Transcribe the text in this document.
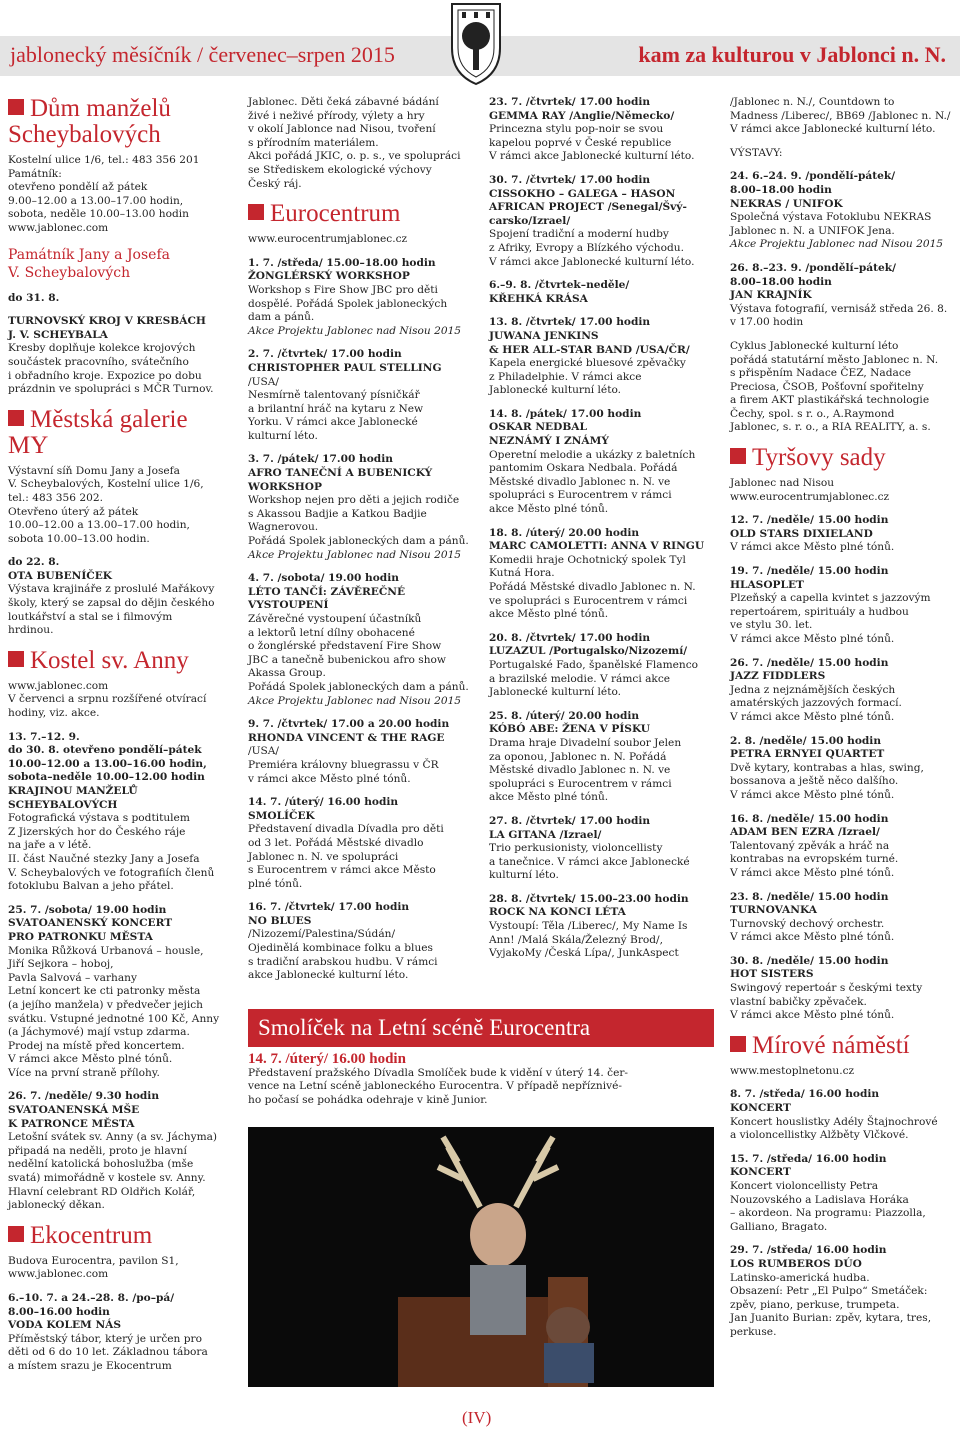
jablonecký měsíčník / červenec–srpen 2015	kam za kulturou v Jablonci n. N.
Dům manželů Scheybalových
Kostelní ulice 1/6, tel.: 483 356 201
Památník:
otevřeno pondělí až pátek
9.00–12.00 a 13.00–17.00 hodin,
sobota, neděle 10.00–13.00 hodin
www.jablonec.com
Památník Jany a Josefa
V. Scheybalových
do 31. 8.
TURNOVSKÝ KROJ V KRESBÁCH
J. V. SCHEYBALA
Kresby doplňuje kolekce krojových
součástek pracovního, svátečního
i obřadního kroje. Expozice po dobu
prázdnin ve spolupráci s MČR Turnov.
Městská galerie MY
Výstavní síň Domu Jany a Josefa
V. Scheybalových, Kostelní ulice 1/6,
tel.: 483 356 202.
Otevřeno úterý až pátek
10.00–12.00 a 13.00–17.00 hodin,
sobota 10.00–13.00 hodin.
do 22. 8.
OTA BUBENÍČEK
Výstava krajináře z proslulé Mařákovy
školy, který se zapsal do dějin českého
loutkářství a stal se i filmovým
hrdinou.
Kostel sv. Anny
www.jablonec.com
V červenci a srpnu rozšířené otvírací
hodiny, viz. akce.
13. 7.–12. 9.
do 30. 8. otevřeno pondělí–pátek
10.00–12.00 a 13.00–16.00 hodin,
sobota–neděle 10.00–12.00 hodin
KRAJINOU MANŽELŮ
SCHEYBALOVÝCH
Fotografická výstava s podtitulem
Z Jizerských hor do Českého ráje
na jaře a v létě.
II. část Naučné stezky Jany a Josefa
V. Scheybalových ve fotografiích členů
fotoklubu Balvan a jeho přátel.
25. 7. /sobota/ 19.00 hodin
SVATOANENSKÝ KONCERT
PRO PATRONKU MĚSTA
Monika Růžková Urbanová – housle,
Jiří Sejkora – hoboj,
Pavla Salvová – varhany
Letní koncert ke cti patronky města
(a jejího manžela) v předvečer jejich
svátku. Vstupné jednotné 100 Kč, Anny
(a Jáchymové) mají vstup zdarma.
Prodej na místě před koncertem.
V rámci akce Město plné tónů.
Více na první straně přílohy.
26. 7. /neděle/ 9.30 hodin
SVATOANENSKÁ MŠE
K PATRONCE MĚSTA
Letošní svátek sv. Anny (a sv. Jáchyma)
připadá na neděli, proto je hlavní
nedělní katolická bohoslužba (mše
svatá) mimořádně v kostele sv. Anny.
Hlavní celebrant RD Oldřich Kolář,
jablonecký děkan.
Ekocentrum
Budova Eurocentra, pavilon S1,
www.jablonec.com
6.–10. 7. a 24.–28. 8. /po–pá/
8.00–16.00 hodin
VODA KOLEM NÁS
Příměstský tábor, který je určen pro
děti od 6 do 10 let. Základnou tábora
a místem srazu je Ekocentrum
Jablonec. Děti čeká zábavné bádání
živé i neživé přírody, výlety a hry
v okolí Jablonce nad Nisou, tvoření
s přírodním materiálem.
Akci pořádá JKIC, o. p. s., ve spolupráci
se Střediskem ekologické výchovy
Český ráj.
Eurocentrum
www.eurocentrumjablonec.cz
1. 7. /středa/ 15.00–18.00 hodin
ŽONGLÉRSKÝ WORKSHOP
Workshop s Fire Show JBC pro děti
dospělé. Pořádá Spolek jabloneckých
dam a pánů.
Akce Projektu Jablonec nad Nisou 2015
2. 7. /čtvrtek/ 17.00 hodin
CHRISTOPHER PAUL STELLING
/USA/
Nesmírně talentovaný písničkář
a brilantní hráč na kytaru z New
Yorku. V rámci akce Jablonecké
kulturní léto.
3. 7. /pátek/ 17.00 hodin
AFRO TANEČNÍ A BUBENICKÝ
WORKSHOP
Workshop nejen pro děti a jejich rodiče
s Akassou Badjie a Katkou Badjie
Wagnerovou.
Pořádá Spolek jabloneckých dam a pánů.
Akce Projektu Jablonec nad Nisou 2015
4. 7. /sobota/ 19.00 hodin
LÉTO TANČÍ: ZÁVĚREČNÉ
VYSTOUPENÍ
Závěrečné vystoupení účastníků
a lektorů letní dílny obohacené
o žonglérské představení Fire Show
JBC a tanečně bubenickou afro show
Akassa Group.
Pořádá Spolek jabloneckých dam a pánů.
Akce Projektu Jablonec nad Nisou 2015
9. 7. /čtvrtek/ 17.00 a 20.00 hodin
RHONDA VINCENT & THE RAGE
/USA/
Premiéra královny bluegrassu v ČR
v rámci akce Město plné tónů.
14. 7. /úterý/ 16.00 hodin
SMOLÍČEK
Představení divadla Dívadla pro děti
od 3 let. Pořádá Městské divadlo
Jablonec n. N. ve spolupráci
s Eurocentrem v rámci akce Město
plné tónů.
16. 7. /čtvrtek/ 17.00 hodin
NO BLUES
/Nizozemí/Palestina/Súdán/
Ojedinělá kombinace folku a blues
s tradiční arabskou hudbu. V rámci
akce Jablonecké kulturní léto.
23. 7. /čtvrtek/ 17.00 hodin
GEMMA RAY /Anglie/Německo/
Princezna stylu pop-noir se svou
kapelou poprvé v České republice
V rámci akce Jablonecké kulturní léto.
30. 7. /čtvrtek/ 17.00 hodin
CISSOKHO – GALEGA – HASON
AFRICAN PROJECT /Senegal/Švý-
carsko/Izrael/
Spojení tradiční a moderní hudby
z Afriky, Evropy a Blízkého východu.
V rámci akce Jablonecké kulturní léto.
6.–9. 8. /čtvrtek–neděle/
KŘEHKÁ KRÁSA
13. 8. /čtvrtek/ 17.00 hodin
JUWANA JENKINS
& HER ALL-STAR BAND /USA/ČR/
Kapela energické bluesové zpěvačky
z Philadelphie. V rámci akce
Jablonecké kulturní léto.
14. 8. /pátek/ 17.00 hodin
OSKAR NEDBAL
NEZNÁMÝ I ZNÁMÝ
Operetní melodie a ukázky z baletních
pantomim Oskara Nedbala. Pořádá
Městské divadlo Jablonec n. N. ve
spolupráci s Eurocentrem v rámci
akce Město plné tónů.
18. 8. /úterý/ 20.00 hodin
MARC CAMOLETTI: ANNA V RINGU
Komedii hraje Ochotnický spolek Tyl
Kutná Hora.
Pořádá Městské divadlo Jablonec n. N.
ve spolupráci s Eurocentrem v rámci
akce Město plné tónů.
20. 8. /čtvrtek/ 17.00 hodin
LUZAZUL /Portugalsko/Nizozemí/
Portugalské Fado, španělské Flamenco
a brazilské melodie. V rámci akce
Jablonecké kulturní léto.
25. 8. /úterý/ 20.00 hodin
KÓBÓ ABE: ŽENA V PÍSKU
Drama hraje Divadelní soubor Jelen
za oponou, Jablonec n. N. Pořádá
Městské divadlo Jablonec n. N. ve
spolupráci s Eurocentrem v rámci
akce Město plné tónů.
27. 8. /čtvrtek/ 17.00 hodin
LA GITANA /Izrael/
Trio perkusionisty, violoncellisty
a tanečnice. V rámci akce Jablonecké
kulturní léto.
28. 8. /čtvrtek/ 15.00–23.00 hodin
ROCK NA KONCI LÉTA
Vystoupí: Těla /Liberec/, My Name Is
Ann! /Malá Skála/Železný Brod/,
VyjakoMy /Česká Lípa/, JunkAspect
/Jablonec n. N./, Countdown to
Madness /Liberec/, BB69 /Jablonec n. N./
V rámci akce Jablonecké kulturní léto.
VÝSTAVY:
24. 6.–24. 9. /pondělí-pátek/
8.00–18.00 hodin
NEKRAS / UNIFOK
Společná výstava Fotoklubu NEKRAS
Jablonec n. N. a UNIFOK Jena.
Akce Projektu Jablonec nad Nisou 2015
26. 8.–23. 9. /pondělí–pátek/
8.00–18.00 hodin
JAN KRAJNÍK
Výstava fotografií, vernisáž středa 26. 8.
v 17.00 hodin
Cyklus Jablonecké kulturní léto
pořádá statutární město Jablonec n. N.
s přispěním Nadace ČEZ, Nadace
Preciosa, ČSOB, Pošťovní spořitelny
a firem AKT plastikářská technologie
Čechy, spol. s r. o., A.Raymond
Jablonec, s. r. o., a RIA REALITY, a. s.
Tyršovy sady
Jablonec nad Nisou
www.eurocentrumjablonec.cz
12. 7. /neděle/ 15.00 hodin
OLD STARS DIXIELAND
V rámci akce Město plné tónů.
19. 7. /neděle/ 15.00 hodin
HLASOPLET
Plzeňský a capella kvintet s jazzovým
repertoárem, spirituály a hudbou
ve stylu 30. let.
V rámci akce Město plné tónů.
26. 7. /neděle/ 15.00 hodin
JAZZ FIDDLERS
Jedna z nejznámějších českých
amatérských jazzových formací.
V rámci akce Město plné tónů.
2. 8. /neděle/ 15.00 hodin
PETRA ERNYEI QUARTET
Dvě kytary, kontrabas a hlas, swing,
bossanova a ještě něco dalšího.
V rámci akce Město plné tónů.
16. 8. /neděle/ 15.00 hodin
ADAM BEN EZRA /Izrael/
Talentovaný zpěvák a hráč na
kontrabas na evropském turné.
V rámci akce Město plné tónů.
23. 8. /neděle/ 15.00 hodin
TURNOVANKA
Turnovský dechový orchestr.
V rámci akce Město plné tónů.
30. 8. /neděle/ 15.00 hodin
HOT SISTERS
Swingový repertoár s českými texty
vlastní babičky zpěvaček.
V rámci akce Město plné tónů.
Mírové náměstí
www.mestoplnetonu.cz
8. 7. /středa/ 16.00 hodin
KONCERT
Koncert houslistky Adély Štajnochrové
a violoncellistky Alžběty Vlčkové.
15. 7. /středa/ 16.00 hodin
KONCERT
Koncert violoncellisty Petra
Nouzovského a Ladislava Horáka
– akordeon. Na programu: Piazzolla,
Galliano, Bragato.
29. 7. /středa/ 16.00 hodin
LOS RUMBEROS DÚO
Latinsko-americká hudba.
Obsazení: Petr „El Pulpo“ Smetáček:
zpěv, piano, perkuse, trumpeta.
Jan Juanito Burian: zpěv, kytara, tres,
perkuse.
Smolíček na Letní scéně Eurocentra
14. 7. /úterý/ 16.00 hodin
Představení pražského Dívadla Smolíček bude k vidění v úterý 14. čer-
vence na Letní scéně jabloneckého Eurocentra. V případě nepříznivé-
ho počasí se pohádka odehraje v kině Junior.
(IV)
